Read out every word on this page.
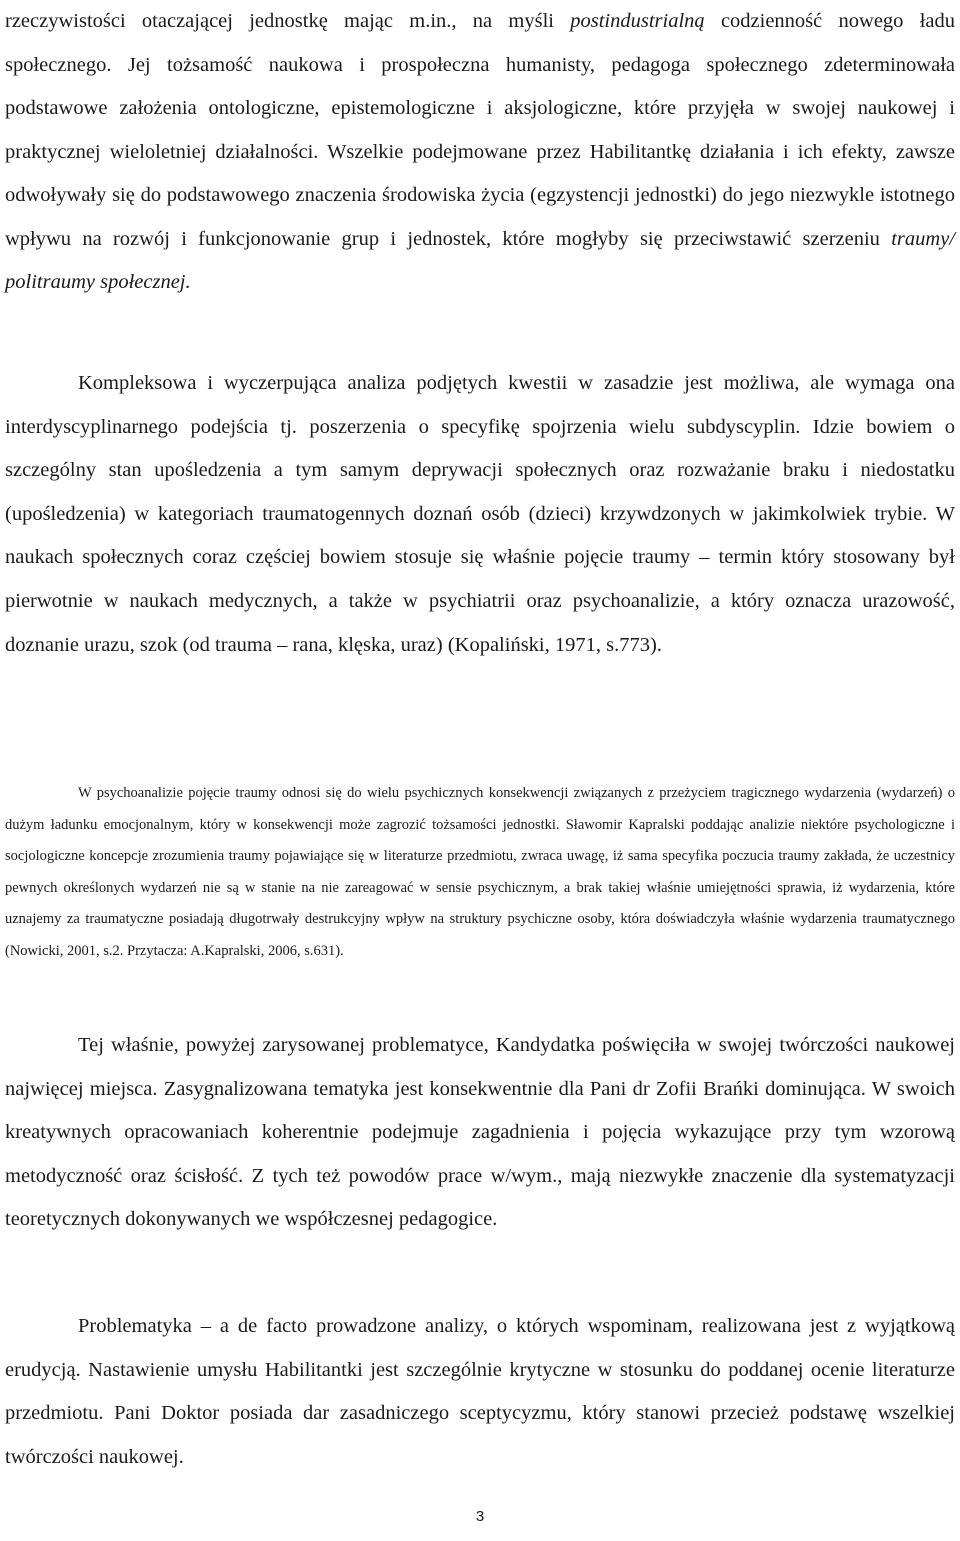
rzeczywistości otaczającej jednostkę mając m.in., na myśli postindustrialną codzienność nowego ładu społecznego. Jej tożsamość naukowa i prospołeczna humanisty, pedagoga społecznego zdeterminowała podstawowe założenia ontologiczne, epistemologiczne i aksjologiczne, które przyjęła w swojej naukowej i praktycznej wieloletniej działalności. Wszelkie podejmowane przez Habilitantkę działania i ich efekty, zawsze odwoływały się do podstawowego znaczenia środowiska życia (egzystencji jednostki) do jego niezwykle istotnego wpływu na rozwój i funkcjonowanie grup i jednostek, które mogłyby się przeciwstawić szerzeniu traumy/ politraumy społecznej.

Kompleksowa i wyczerpująca analiza podjętych kwestii w zasadzie jest możliwa, ale wymaga ona interdyscyplinarnego podejścia tj. poszerzenia o specyfikę spojrzenia wielu subdyscyplin. Idzie bowiem o szczególny stan upośledzenia a tym samym deprywacji społecznych oraz rozważanie braku i niedostatku (upośledzenia) w kategoriach traumatogennych doznań osób (dzieci) krzywdzonych w jakimkolwiek trybie. W naukach społecznych coraz częściej bowiem stosuje się właśnie pojęcie traumy – termin który stosowany był pierwotnie w naukach medycznych, a także w psychiatrii oraz psychoanalizie, a który oznacza urazowość, doznanie urazu, szok (od trauma – rana, klęska, uraz) (Kopaliński, 1971, s.773).

W psychoanalizie pojęcie traumy odnosi się do wielu psychicznych konsekwencji związanych z przeżyciem tragicznego wydarzenia (wydarzeń) o dużym ładunku emocjonalnym, który w konsekwencji może zagrozić tożsamości jednostki. Sławomir Kapralski poddając analizie niektóre psychologiczne i socjologiczne koncepcje zrozumienia traumy pojawiające się w literaturze przedmiotu, zwraca uwagę, iż sama specyfika poczucia traumy zakłada, że uczestnicy pewnych określonych wydarzeń nie są w stanie na nie zareagować w sensie psychicznym, a brak takiej właśnie umiejętności sprawia, iż wydarzenia, które uznajemy za traumatyczne posiadają długotrwały destrukcyjny wpływ na struktury psychiczne osoby, która doświadczyła właśnie wydarzenia traumatycznego (Nowicki, 2001, s.2. Przytacza: A.Kapralski, 2006, s.631).

Tej właśnie, powyżej zarysowanej problematyce, Kandydatka poświęciła w swojej twórczości naukowej najwięcej miejsca. Zasygnalizowana tematyka jest konsekwentnie dla Pani dr Zofii Brańki dominująca. W swoich kreatywnych opracowaniach koherentnie podejmuje zagadnienia i pojęcia wykazujące przy tym wzorową metodyczność oraz ścisłość. Z tych też powodów prace w/wym., mają niezwykłe znaczenie dla systematyzacji teoretycznych dokonywanych we współczesnej pedagogice.

Problematyka – a de facto prowadzone analizy, o których wspominam, realizowana jest z wyjątkową erudycją. Nastawienie umysłu Habilitantki jest szczególnie krytyczne w stosunku do poddanej ocenie literaturze przedmiotu. Pani Doktor posiada dar zasadniczego sceptycyzmu, który stanowi przecież podstawę wszelkiej twórczości naukowej.

3
